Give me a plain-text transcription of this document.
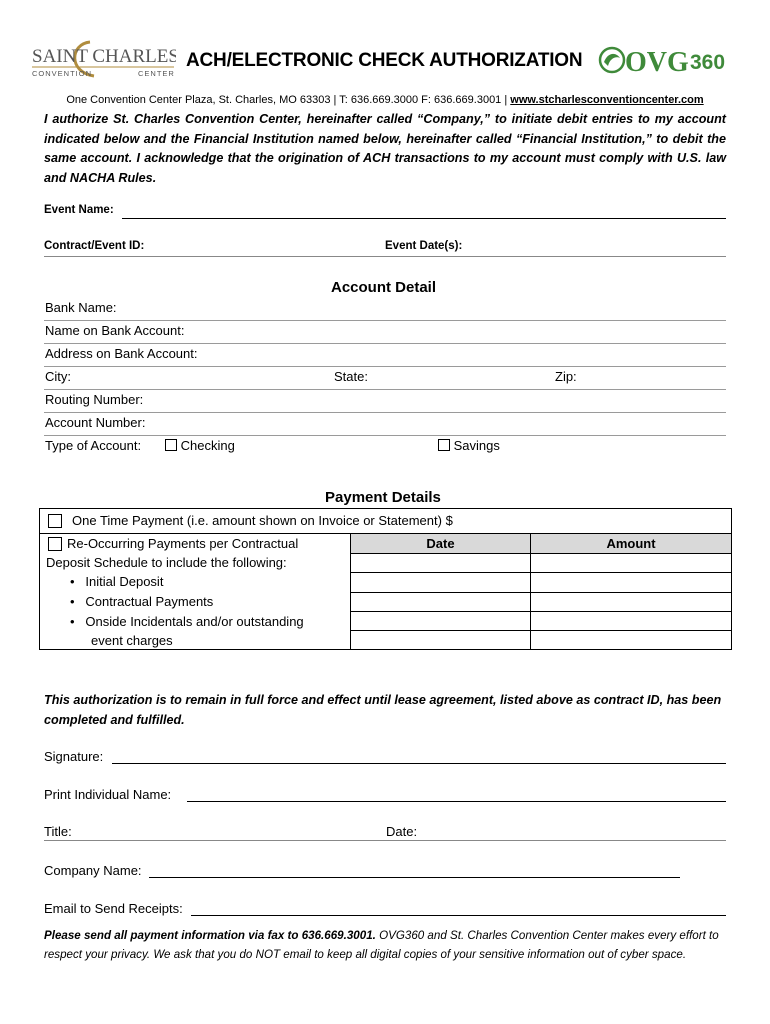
SAINT CHARLES
CONVENTION	CENTER
ACH/ELECTRONIC CHECK AUTHORIZATION OVG 360
One Convention Center Plaza, St. Charles, MO 63303 | T: 636.669.3000 F: 636.669.3001 | www.stcharlesconventioncenter.com
I authorize St. Charles Convention Center, hereinafter called “Company,” to initiate debit entries to my account indicated below and the Financial Institution named below, hereinafter called “Financial Institution,” to debit the same account. I acknowledge that the origination of ACH transactions to my account must comply with U.S. law and NACHA Rules.
Event Name:
Contract/Event ID:	Event Date(s):
Account Detail
Bank Name:
Name on Bank Account:
Address on Bank Account:
City:	State:	Zip:
Routing Number:
Account Number:
Type of Account:	Checking	Savings
Payment Details
One Time Payment (i.e. amount shown on Invoice or Statement) $
Re-Occurring Payments per Contractual
Deposit Schedule to include the following:
•   Initial Deposit
•   Contractual Payments
•   Onside Incidentals and/or outstanding
event charges
Date	Amount
This authorization is to remain in full force and effect until lease agreement, listed above as contract ID, has been completed and fulfilled.
Signature:
Print Individual Name:
Title:	Date:
Company Name:
Email to Send Receipts:
Please send all payment information via fax to 636.669.3001. OVG360 and St. Charles Convention Center makes every effort to respect your privacy. We ask that you do NOT email to keep all digital copies of your sensitive information out of cyber space.
